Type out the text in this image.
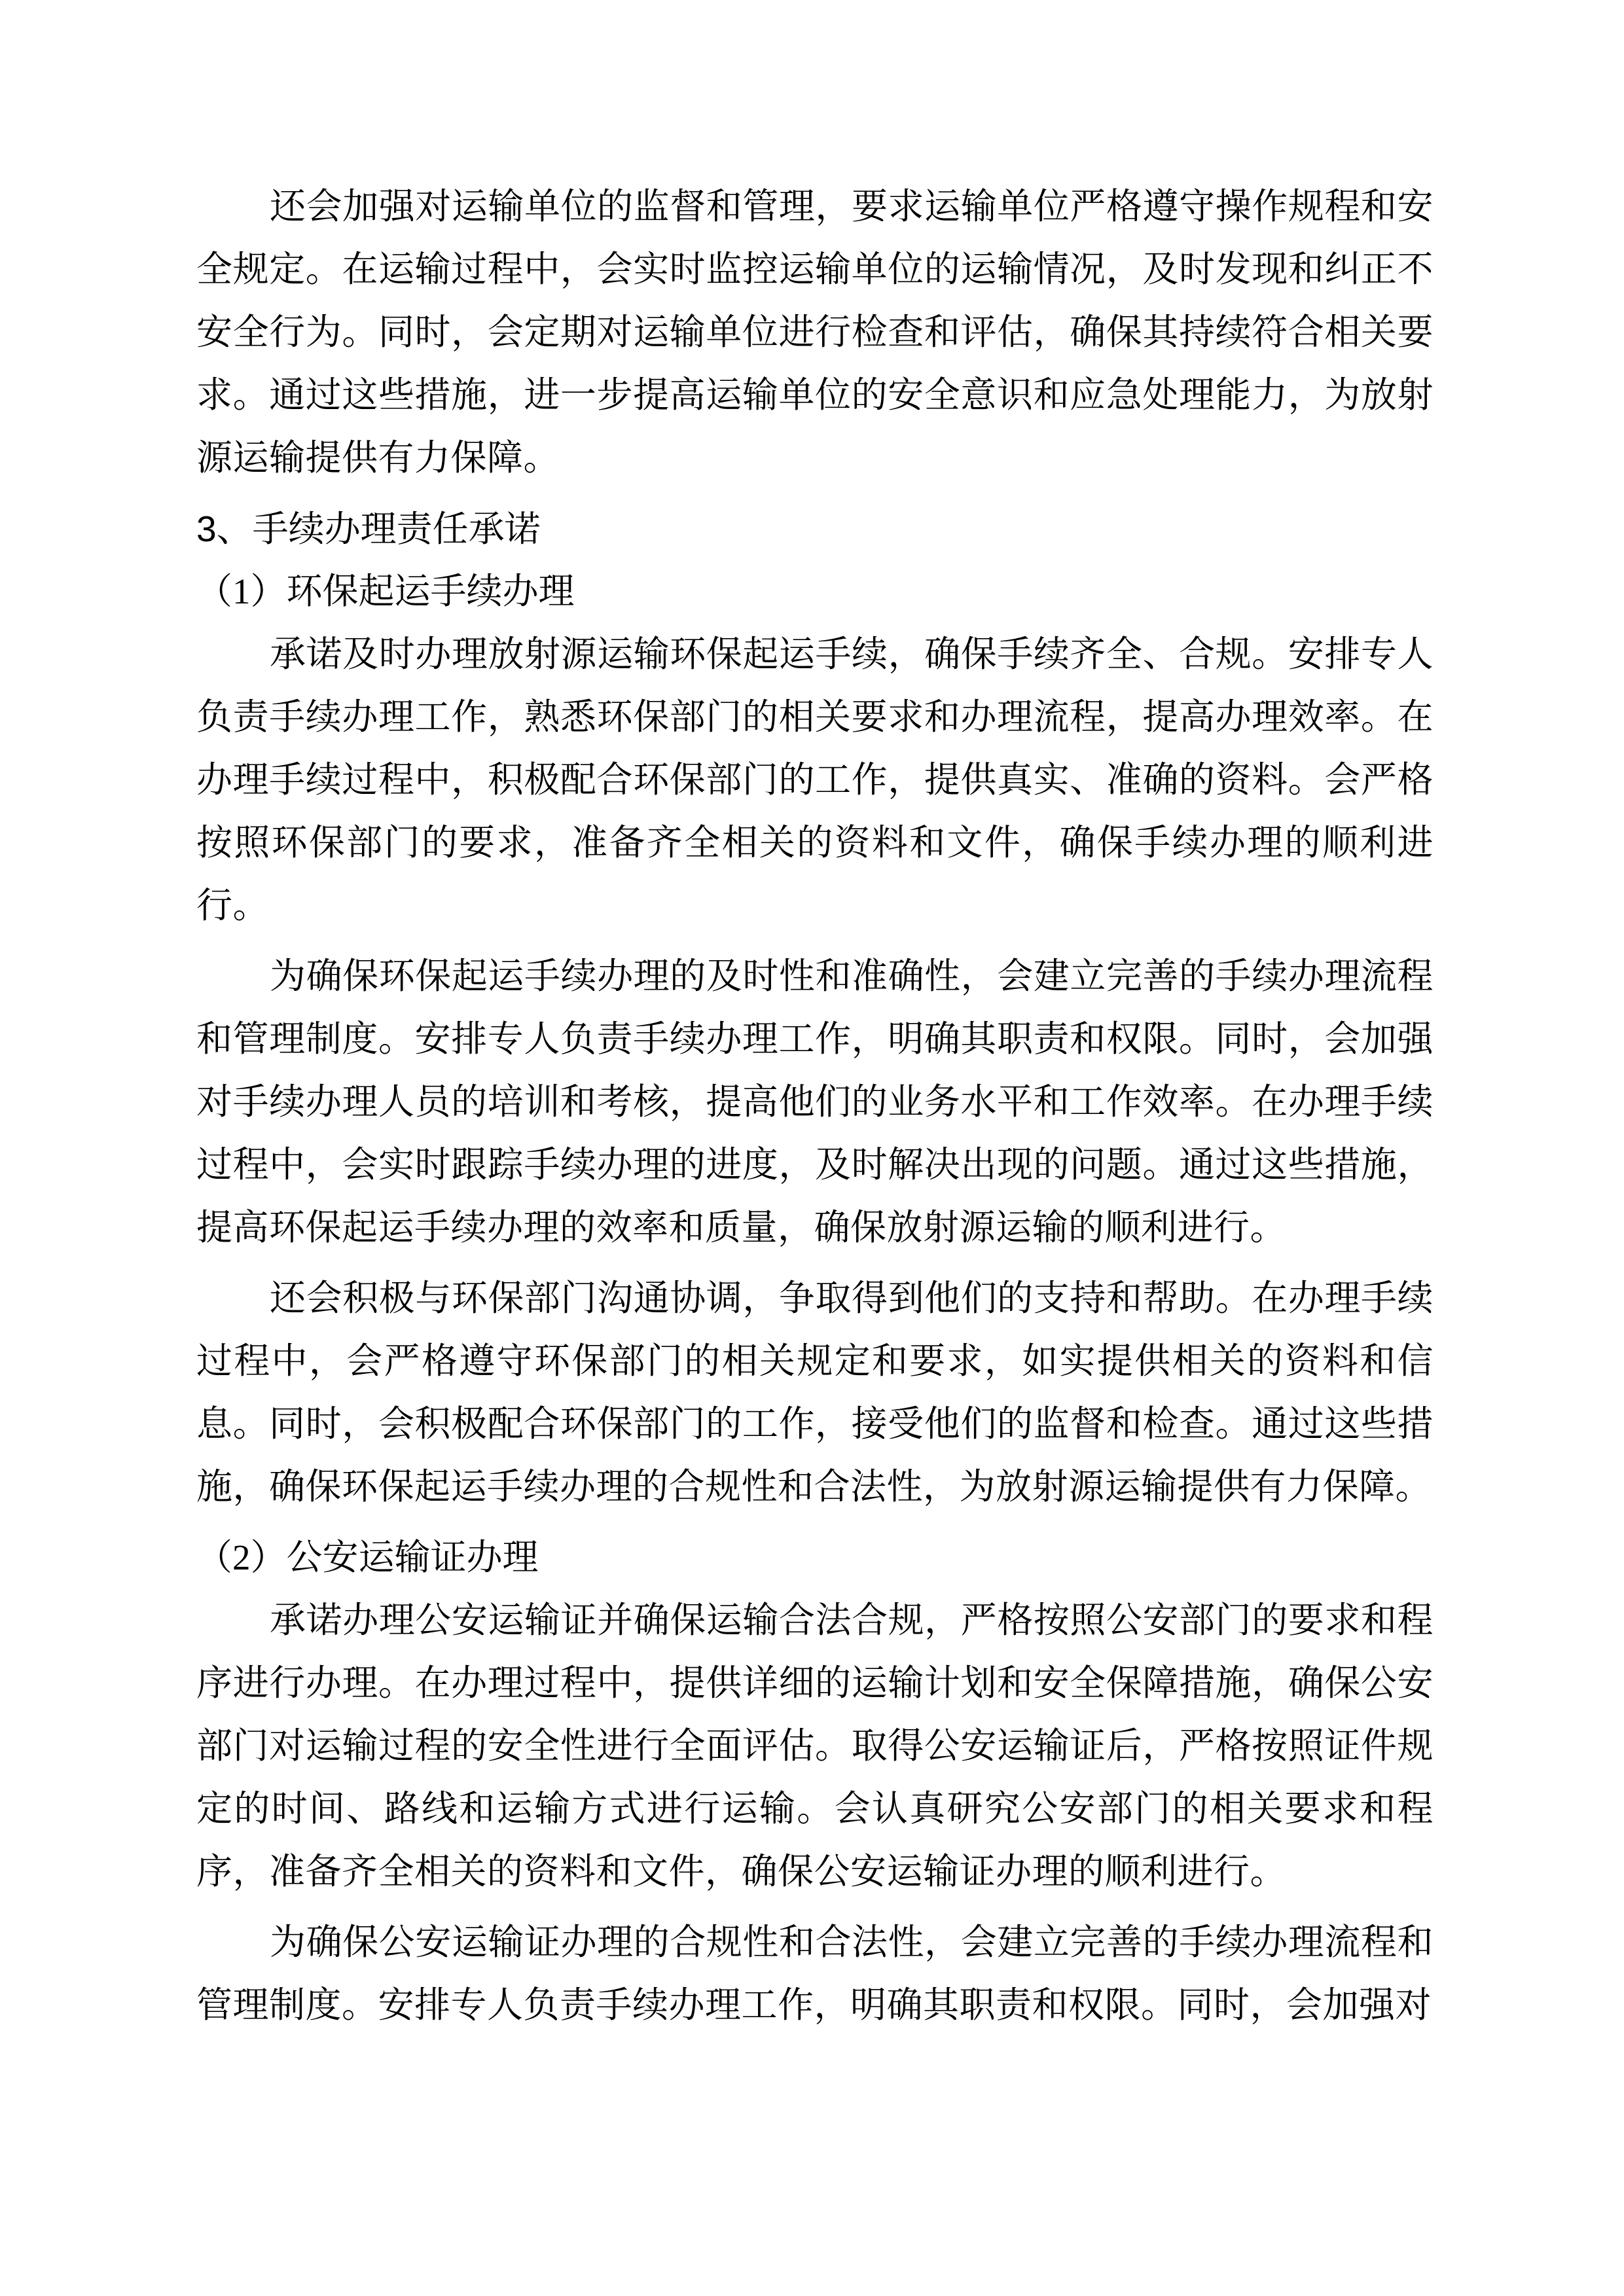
还会加强对运输单位的监督和管理，要求运输单位严格遵守操作规程和安全规定。在运输过程中，会实时监控运输单位的运输情况，及时发现和纠正不安全行为。同时，会定期对运输单位进行检查和评估，确保其持续符合相关要求。通过这些措施，进一步提高运输单位的安全意识和应急处理能力，为放射源运输提供有力保障。

3、手续办理责任承诺

（1）环保起运手续办理

承诺及时办理放射源运输环保起运手续，确保手续齐全、合规。安排专人负责手续办理工作，熟悉环保部门的相关要求和办理流程，提高办理效率。在办理手续过程中，积极配合环保部门的工作，提供真实、准确的资料。会严格按照环保部门的要求，准备齐全相关的资料和文件，确保手续办理的顺利进行。

为确保环保起运手续办理的及时性和准确性，会建立完善的手续办理流程和管理制度。安排专人负责手续办理工作，明确其职责和权限。同时，会加强对手续办理人员的培训和考核，提高他们的业务水平和工作效率。在办理手续过程中，会实时跟踪手续办理的进度，及时解决出现的问题。通过这些措施，提高环保起运手续办理的效率和质量，确保放射源运输的顺利进行。

还会积极与环保部门沟通协调，争取得到他们的支持和帮助。在办理手续过程中，会严格遵守环保部门的相关规定和要求，如实提供相关的资料和信息。同时，会积极配合环保部门的工作，接受他们的监督和检查。通过这些措施，确保环保起运手续办理的合规性和合法性，为放射源运输提供有力保障。

（2）公安运输证办理

承诺办理公安运输证并确保运输合法合规，严格按照公安部门的要求和程序进行办理。在办理过程中，提供详细的运输计划和安全保障措施，确保公安部门对运输过程的安全性进行全面评估。取得公安运输证后，严格按照证件规定的时间、路线和运输方式进行运输。会认真研究公安部门的相关要求和程序，准备齐全相关的资料和文件，确保公安运输证办理的顺利进行。

为确保公安运输证办理的合规性和合法性，会建立完善的手续办理流程和管理制度。安排专人负责手续办理工作，明确其职责和权限。同时，会加强对
